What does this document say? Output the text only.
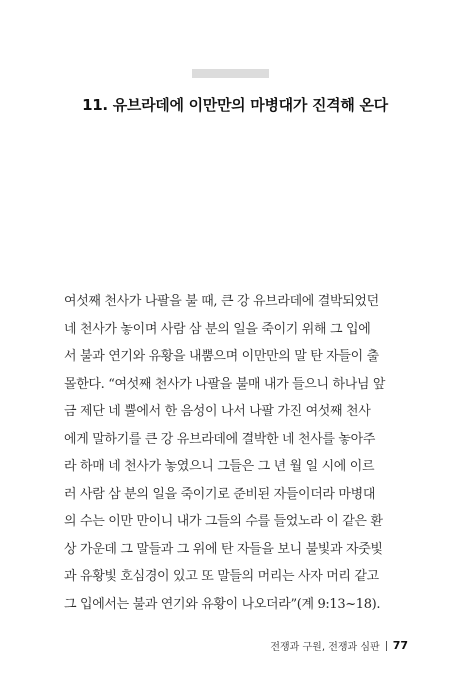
11. 유브라데에 이만만의 마병대가 진격해 온다
여섯째 천사가 나팔을 불 때, 큰 강 유브라데에 결박되었던
네 천사가 놓이며 사람 삼 분의 일을 죽이기 위해 그 입에
서 불과 연기와 유황을 내뿜으며 이만만의 말 탄 자들이 출
몰한다. “여섯째 천사가 나팔을 불매 내가 들으니 하나님 앞
금 제단 네 뿔에서 한 음성이 나서 나팔 가진 여섯째 천사
에게 말하기를 큰 강 유브라데에 결박한 네 천사를 놓아주
라 하매 네 천사가 놓였으니 그들은 그 년 월 일 시에 이르
러 사람 삼 분의 일을 죽이기로 준비된 자들이더라 마병대
의 수는 이만 만이니 내가 그들의 수를 들었노라 이 같은 환
상 가운데 그 말들과 그 위에 탄 자들을 보니 불빛과 자줏빛
과 유황빛 호심경이 있고 또 말들의 머리는 사자 머리 같고
그 입에서는 불과 연기와 유황이 나오더라”(계 9:13~18).
전쟁과 구원, 전쟁과 심판 77
